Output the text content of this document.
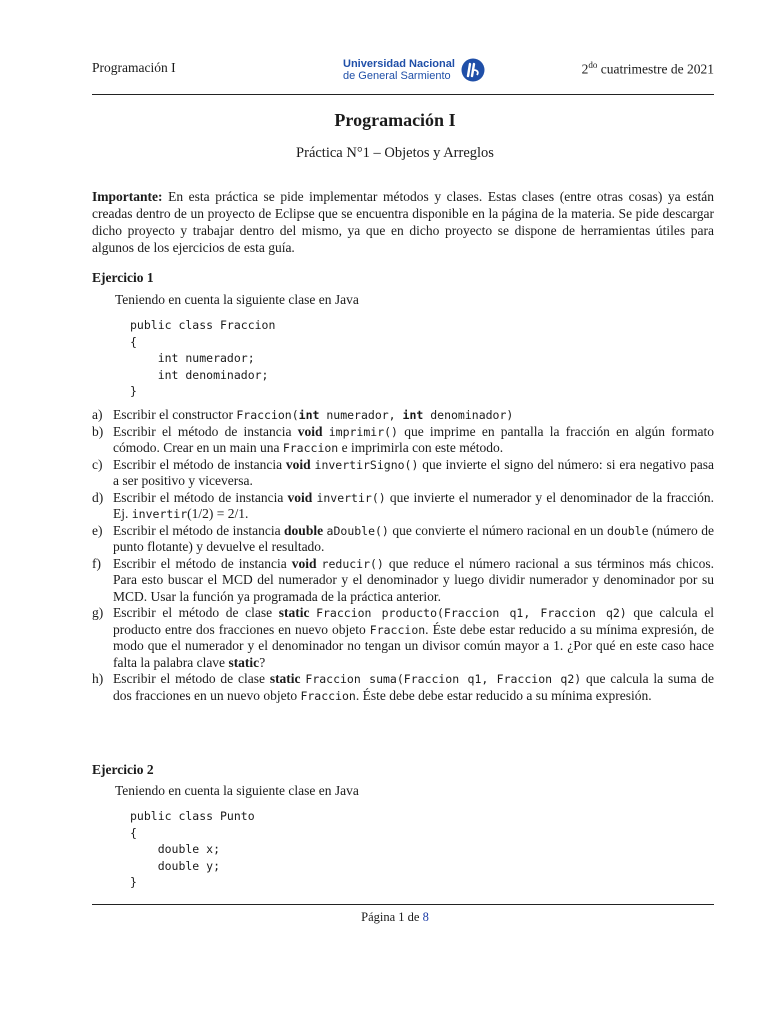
Programación I	Universidad Nacional
de General Sarmiento	$2^{do}$ cuatrimestre de 2021
Programación I
Práctica N°1 – Objetos y Arreglos
Importante: En esta práctica se pide implementar métodos y clases. Estas clases (entre otras cosas) ya están creadas dentro de un proyecto de Eclipse que se encuentra disponible en la página de la materia. Se pide descargar dicho proyecto y trabajar dentro del mismo, ya que en dicho proyecto se dispone de herramientas útiles para algunos de los ejercicios de esta guía.
Ejercicio 1
Teniendo en cuenta la siguiente clase en Java
public class Fraccion
{
int numerador;
int denominador;
}
a) Escribir el constructor Fraccion(int numerador, int denominador)
b) Escribir el método de instancia void imprimir() que imprime en pantalla la fracción en algún formato cómodo. Crear en un main una Fraccion e imprimirla con este método.
c) Escribir el método de instancia void invertirSigno() que invierte el signo del número: si era negativo pasa a ser positivo y viceversa.
d) Escribir el método de instancia void invertir() que invierte el numerador y el denominador de la fracción. Ej. invertir(1/2) = 2/1.
e) Escribir el método de instancia double aDouble() que convierte el número racional en un double (número de punto flotante) y devuelve el resultado.
f) Escribir el método de instancia void reducir() que reduce el número racional a sus términos más chicos. Para esto buscar el MCD del numerador y el denominador y luego dividir numerador y denominador por su MCD. Usar la función ya programada de la práctica anterior.
g) Escribir el método de clase static Fraccion producto(Fraccion q1, Fraccion q2) que calcula el producto entre dos fracciones en nuevo objeto Fraccion. Éste debe estar reducido a su mínima expresión, de modo que el numerador y el denominador no tengan un divisor común mayor a 1. ¿Por qué en este caso hace falta la palabra clave static?
h) Escribir el método de clase static Fraccion suma(Fraccion q1, Fraccion q2) que calcula la suma de dos fracciones en un nuevo objeto Fraccion. Éste debe debe estar reducido a su mínima expresión.
Ejercicio 2
Teniendo en cuenta la siguiente clase en Java
public class Punto
{
double x;
double y;
}
Página 1 de 8
